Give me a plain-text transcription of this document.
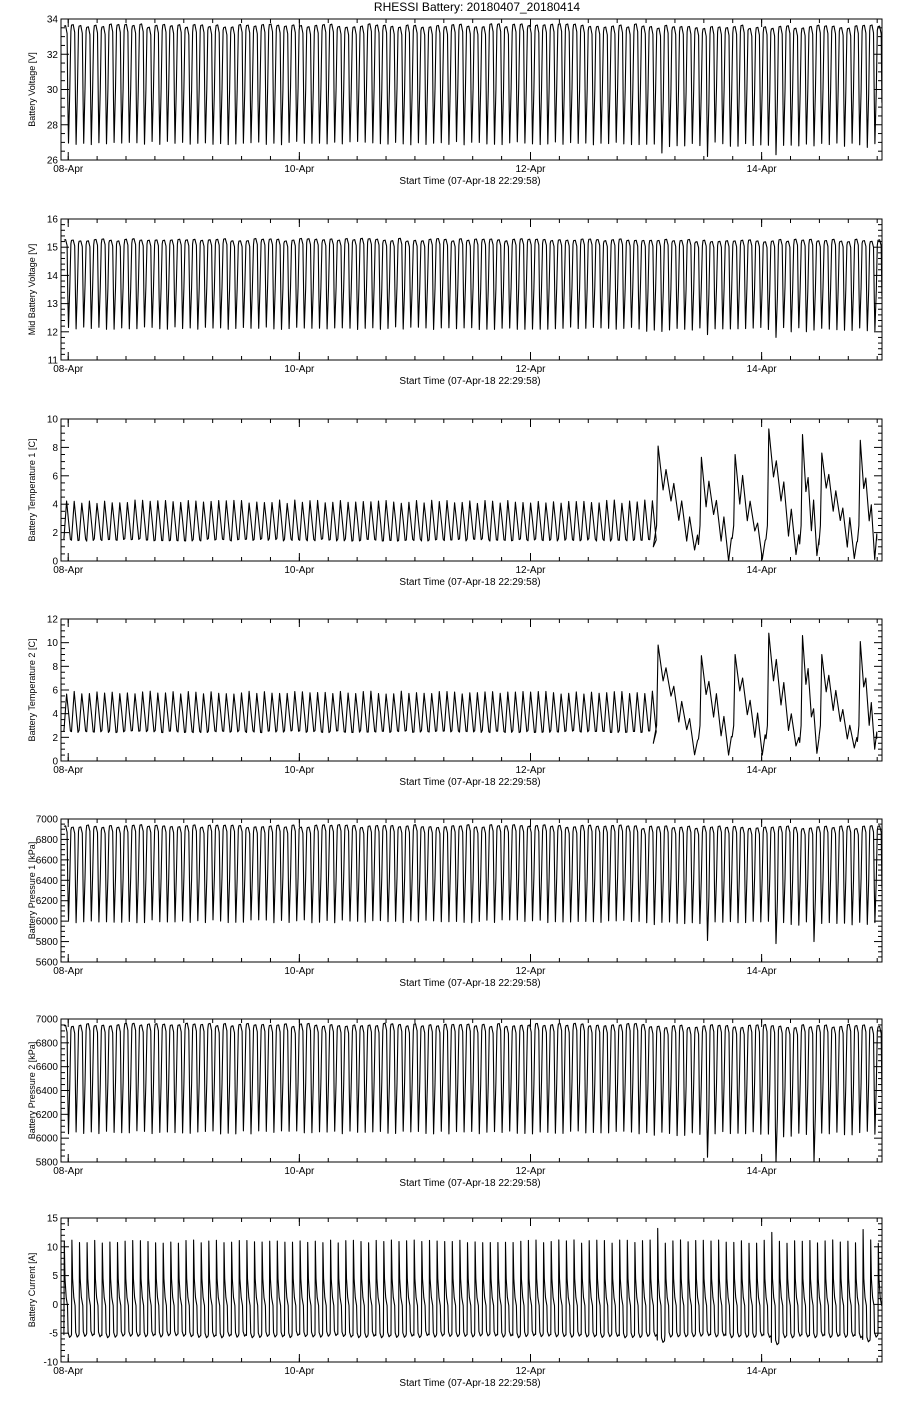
RHESSI Battery: 20180407_20180414
26
28
30
32
34
08-Apr	10-Apr	12-Apr	14-Apr
Start Time (07-Apr-18 22:29:58)
Battery Voltage [V]
11
12
13
14
15
16
08-Apr	10-Apr	12-Apr	14-Apr
Start Time (07-Apr-18 22:29:58)
Mid Battery Voltage [V]
0
2
4
6
8
10
08-Apr	10-Apr	12-Apr	14-Apr
Start Time (07-Apr-18 22:29:58)
Battery Temperature 1 [C]
0
2
4
6
8
10
12
08-Apr	10-Apr	12-Apr	14-Apr
Start Time (07-Apr-18 22:29:58)
Battery Temperature 2 [C]
5600
5800
6000
6200
6400
6600
6800
7000
08-Apr	10-Apr	12-Apr	14-Apr
Start Time (07-Apr-18 22:29:58)
Battery Pressure 1 [kPa]
5800
6000
6200
6400
6600
6800
7000
08-Apr	10-Apr	12-Apr	14-Apr
Start Time (07-Apr-18 22:29:58)
Battery Pressure 2 [kPa]
-10
-5
0
5
10
15
08-Apr	10-Apr	12-Apr	14-Apr
Start Time (07-Apr-18 22:29:58)
Battery Current [A]
